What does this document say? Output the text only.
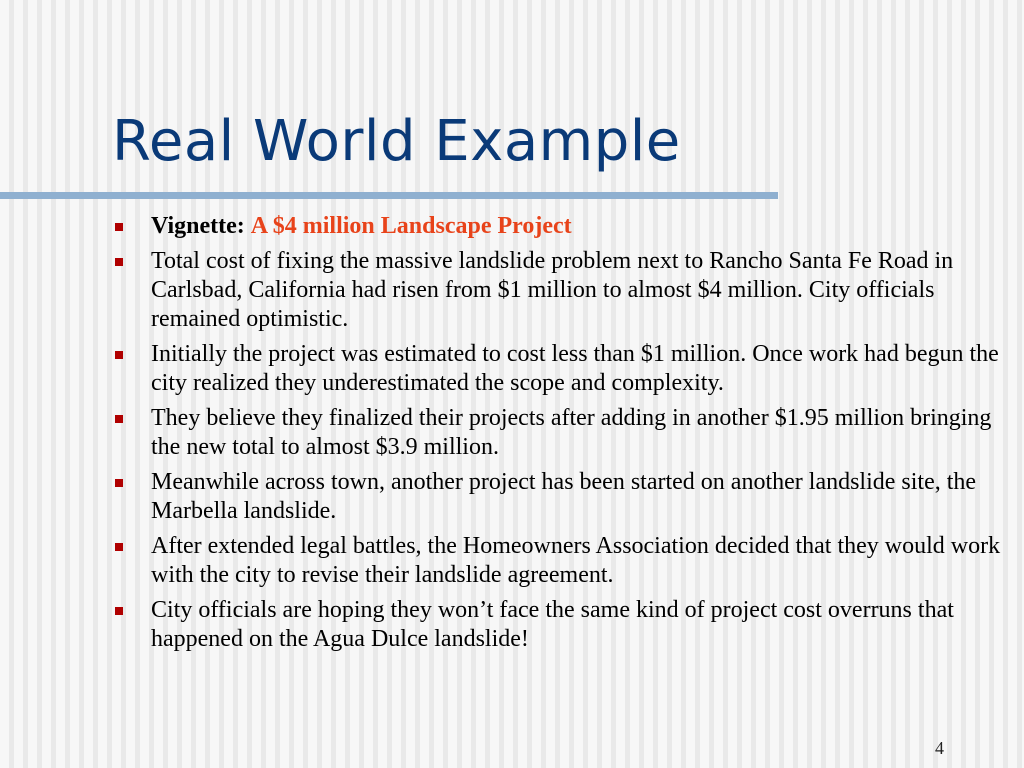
Real World Example
Vignette: A $4 million Landscape Project
Total cost of fixing the massive landslide problem next to Rancho Santa Fe Road in Carlsbad, California had risen from $1 million to almost $4 million. City officials remained optimistic.
Initially the project was estimated to cost less than $1 million. Once work had begun the city realized they underestimated the scope and complexity.
They believe they finalized their projects after adding in another $1.95 million bringing the new total to almost $3.9 million.
Meanwhile across town, another project has been started on another landslide site, the Marbella landslide.
After extended legal battles, the Homeowners Association decided that they would work with the city to revise their landslide agreement.
City officials are hoping they won’t face the same kind of project cost overruns that happened on the Agua Dulce landslide!
4
